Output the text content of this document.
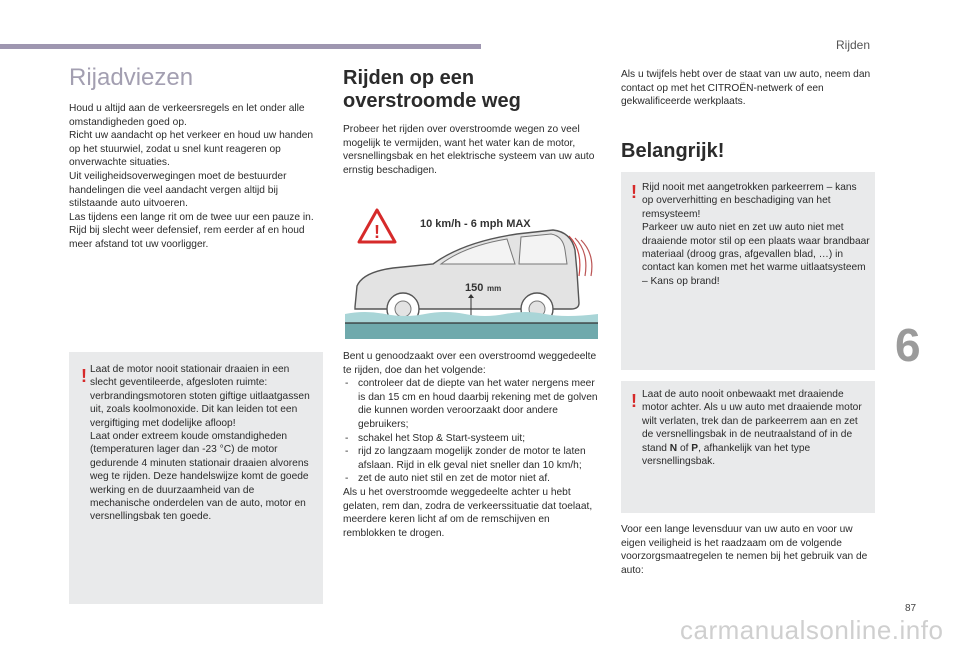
Rijden
6
87
carmanualsonline.info
Rijadviezen

Houd u altijd aan de verkeersregels en let onder alle omstandigheden goed op.

Richt uw aandacht op het verkeer en houd uw handen op het stuurwiel, zodat u snel kunt reageren op onverwachte situaties.

Uit veiligheidsoverwegingen moet de bestuurder handelingen die veel aandacht vergen altijd bij stilstaande auto uitvoeren.

Las tijdens een lange rit om de twee uur een pauze in.

Rijd bij slecht weer defensief, rem eerder af en houd meer afstand tot uw voorligger.

! Laat de motor nooit stationair draaien in een slecht geventileerde, afgesloten ruimte: verbrandingsmotoren stoten giftige uitlaatgassen uit, zoals koolmonoxide. Dit kan leiden tot een vergiftiging met dodelijke afloop!

Laat onder extreem koude omstandigheden (temperaturen lager dan -23 °C) de motor gedurende 4 minuten stationair draaien alvorens weg te rijden. Deze handelswijze komt de goede werking en de duurzaamheid van de mechanische onderdelen van de auto, motor en versnellingsbak ten goede.

Rijden op een
overstroomde weg

Probeer het rijden over overstroomde wegen zo veel mogelijk te vermijden, want het water kan de motor, versnellingsbak en het elektrische systeem van uw auto ernstig beschadigen.

!	10 km/h - 6 mph MAX
150 mm

Bent u genoodzaakt over een overstroomd weggedeelte te rijden, doe dan het volgende:

- controleer dat de diepte van het water nergens meer is dan 15 cm en houd daarbij rekening met de golven die kunnen worden veroorzaakt door andere gebruikers;
- schakel het Stop & Start-systeem uit;
- rijd zo langzaam mogelijk zonder de motor te laten afslaan. Rijd in elk geval niet sneller dan 10 km/h;
- zet de auto niet stil en zet de motor niet af.

Als u het overstroomde weggedeelte achter u hebt gelaten, rem dan, zodra de verkeerssituatie dat toelaat, meerdere keren licht af om de remschijven en remblokken te drogen.

Als u twijfels hebt over de staat van uw auto, neem dan contact op met het CITROËN-netwerk of een gekwalificeerde werkplaats.

Belangrijk!
! Rijd nooit met aangetrokken parkeerrem – kans op oververhitting en beschadiging van het remsysteem!

Parkeer uw auto niet en zet uw auto niet met draaiende motor stil op een plaats waar brandbaar materiaal (droog gras, afgevallen blad, …) in contact kan komen met het warme uitlaatsysteem – Kans op brand!

! Laat de auto nooit onbewaakt met draaiende motor achter. Als u uw auto met draaiende motor wilt verlaten, trek dan de parkeerrem aan en zet de versnellingsbak in de neutraalstand of in de stand N of P, afhankelijk van het type versnellingsbak.

Voor een lange levensduur van uw auto en voor uw eigen veiligheid is het raadzaam om de volgende voorzorgsmaatregelen te nemen bij het gebruik van de auto:
